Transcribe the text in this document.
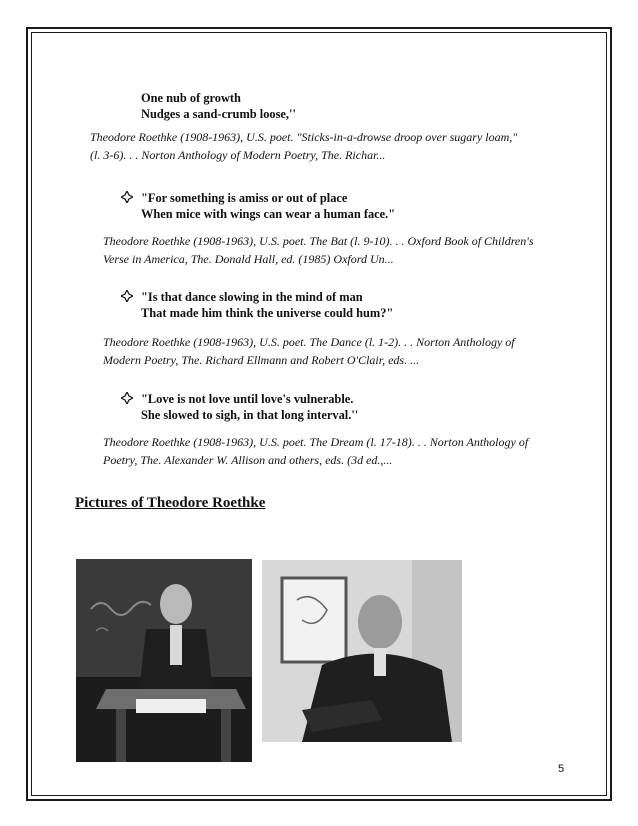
One nub of growth
Nudges a sand-crumb loose,''
Theodore Roethke (1908-1963), U.S. poet. "Sticks-in-a-drowse droop over sugary loam,"
(l. 3-6). . . Norton Anthology of Modern Poetry, The. Richar...
"For something is amiss or out of place
When mice with wings can wear a human face."
Theodore Roethke (1908-1963), U.S. poet. The Bat (l. 9-10). . . Oxford Book of Children's
Verse in America, The. Donald Hall, ed. (1985) Oxford Un...
"Is that dance slowing in the mind of man
That made him think the universe could hum?"
Theodore Roethke (1908-1963), U.S. poet. The Dance (l. 1-2). . . Norton Anthology of
Modern Poetry, The. Richard Ellmann and Robert O'Clair, eds. ...
"Love is not love until love's vulnerable.
She slowed to sigh, in that long interval.''
Theodore Roethke (1908-1963), U.S. poet. The Dream (l. 17-18). . . Norton Anthology of
Poetry, The. Alexander W. Allison and others, eds. (3d ed.,...
Pictures of Theodore Roethke
5
